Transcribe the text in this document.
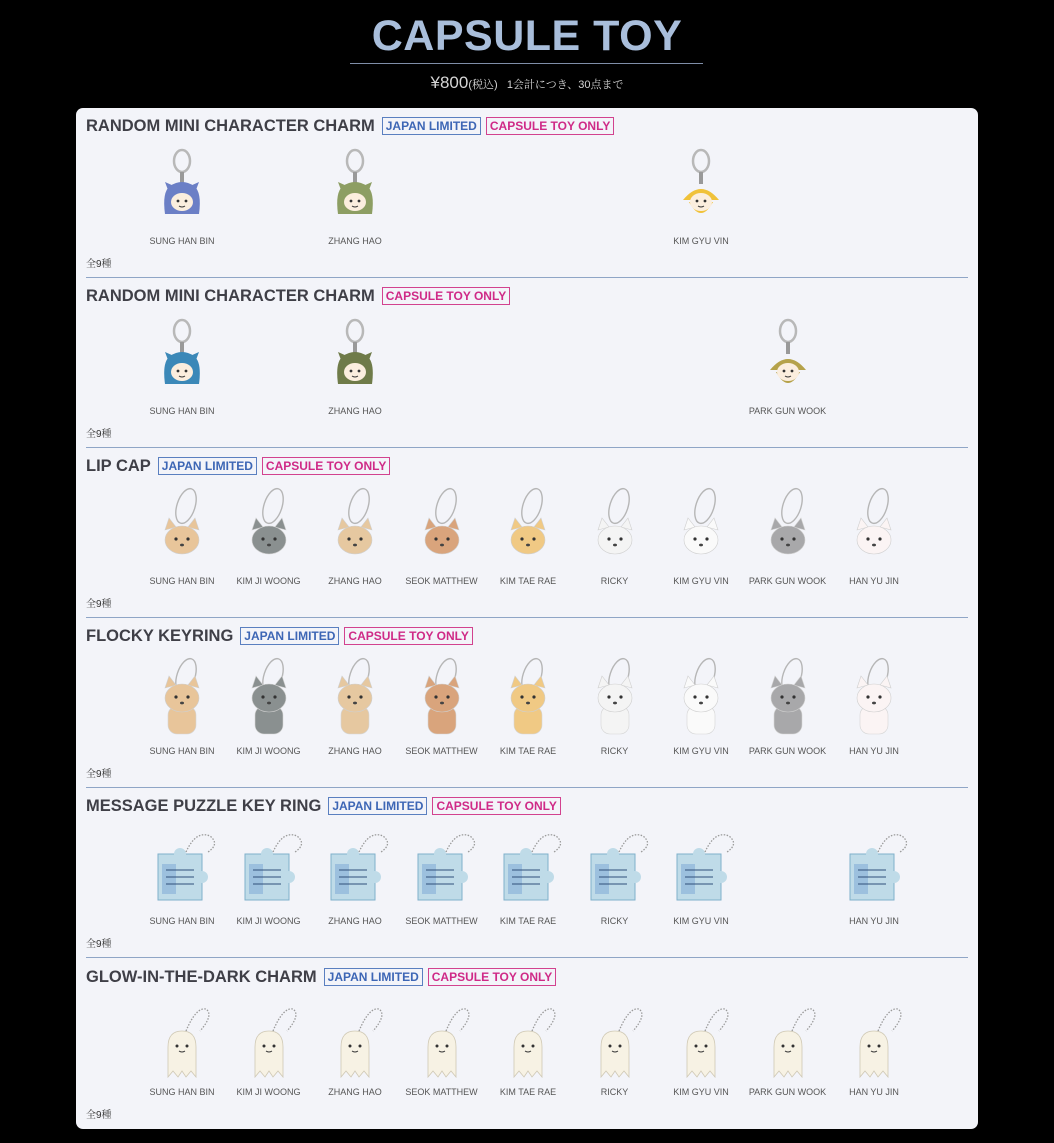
CAPSULE TOY
¥800(税込) 1会計につき、30点まで
RANDOM MINI CHARACTER CHARM JAPAN LIMITED	CAPSULE TOY ONLY
SUNG HAN BIN	ZHANG HAO	KIM GYU VIN
全9種
RANDOM MINI CHARACTER CHARM CAPSULE TOY ONLY
SUNG HAN BIN	ZHANG HAO	PARK GUN WOOK
全9種
LIP CAP JAPAN LIMITED	CAPSULE TOY ONLY
SUNG HAN BIN	KIM JI WOONG	ZHANG HAO	SEOK MATTHEW	KIM TAE RAE	RICKY	KIM GYU VIN	PARK GUN WOOK	HAN YU JIN
全9種
FLOCKY KEYRING JAPAN LIMITED	CAPSULE TOY ONLY
SUNG HAN BIN	KIM JI WOONG	ZHANG HAO	SEOK MATTHEW	KIM TAE RAE	RICKY	KIM GYU VIN	PARK GUN WOOK	HAN YU JIN
全9種
MESSAGE PUZZLE KEY RING JAPAN LIMITED	CAPSULE TOY ONLY
SUNG HAN BIN	KIM JI WOONG	ZHANG HAO	SEOK MATTHEW	KIM TAE RAE	RICKY	KIM GYU VIN	HAN YU JIN
全9種
GLOW-IN-THE-DARK CHARM JAPAN LIMITED	CAPSULE TOY ONLY
SUNG HAN BIN	KIM JI WOONG	ZHANG HAO	SEOK MATTHEW	KIM TAE RAE	RICKY	KIM GYU VIN	PARK GUN WOOK	HAN YU JIN
全9種
